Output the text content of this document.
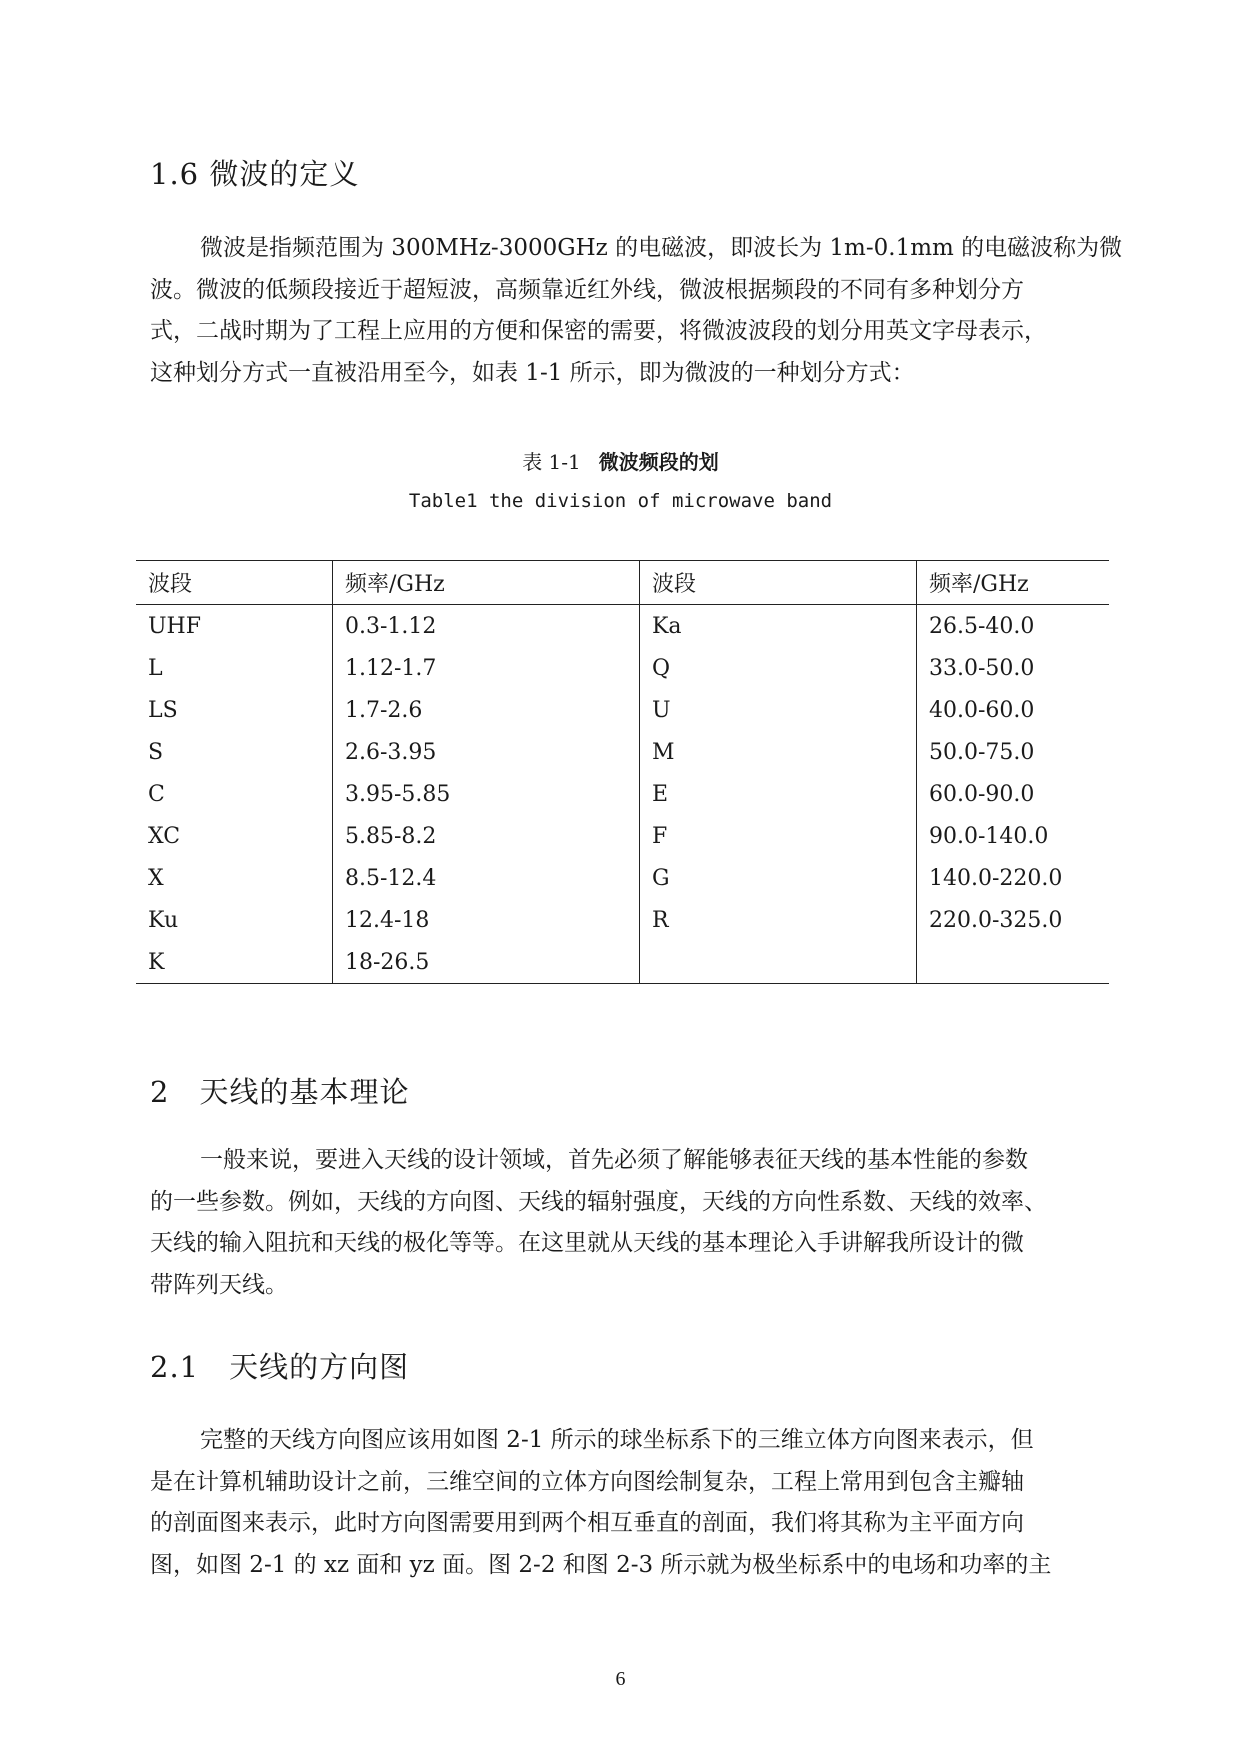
1.6 微波的定义
微波是指频范围为 300MHz-3000GHz 的电磁波，即波长为 1m-0.1mm 的电磁波称为微
波。微波的低频段接近于超短波，高频靠近红外线，微波根据频段的不同有多种划分方
式，二战时期为了工程上应用的方便和保密的需要，将微波波段的划分用英文字母表示，
这种划分方式一直被沿用至今，如表 1-1 所示，即为微波的一种划分方式：
表 1-1 微波频段的划
Table1 the division of microwave band
波段	频率/GHz	波段	频率/GHz
UHF	0.3-1.12	Ka	26.5-40.0
L	1.12-1.7	Q	33.0-50.0
LS	1.7-2.6	U	40.0-60.0
S	2.6-3.95	M	50.0-75.0
C	3.95-5.85	E	60.0-90.0
XC	5.85-8.2	F	90.0-140.0
X	8.5-12.4	G	140.0-220.0
Ku	12.4-18	R	220.0-325.0
K	18-26.5		
2　天线的基本理论
一般来说，要进入天线的设计领域，首先必须了解能够表征天线的基本性能的参数
的一些参数。例如，天线的方向图、天线的辐射强度，天线的方向性系数、天线的效率、
天线的输入阻抗和天线的极化等等。在这里就从天线的基本理论入手讲解我所设计的微
带阵列天线。
2.1　天线的方向图
完整的天线方向图应该用如图 2-1 所示的球坐标系下的三维立体方向图来表示，但
是在计算机辅助设计之前，三维空间的立体方向图绘制复杂，工程上常用到包含主瓣轴
的剖面图来表示，此时方向图需要用到两个相互垂直的剖面，我们将其称为主平面方向
图，如图 2-1 的 xz 面和 yz 面。图 2-2 和图 2-3 所示就为极坐标系中的电场和功率的主
6
